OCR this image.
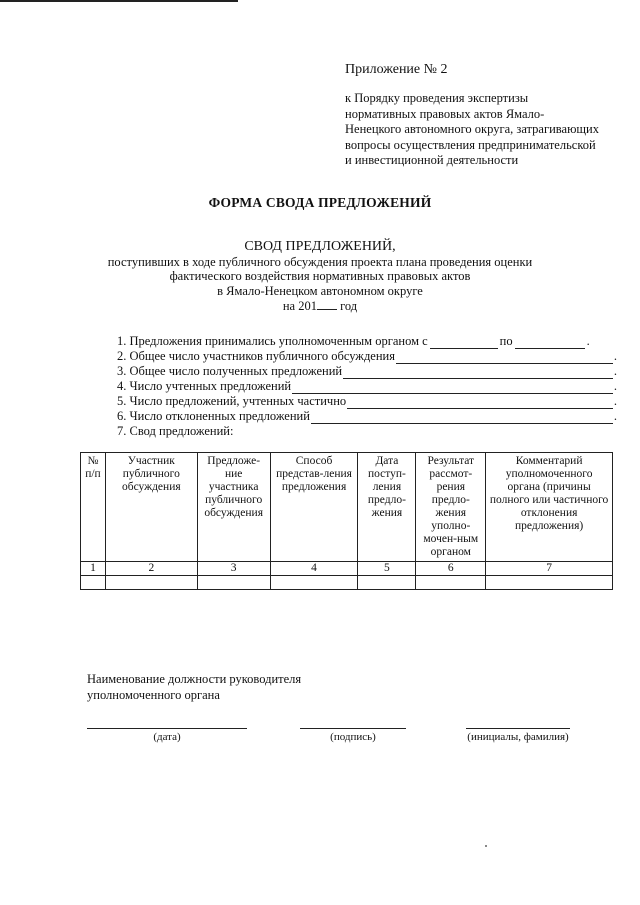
Приложение № 2
к Порядку проведения экспертизы
нормативных правовых актов Ямало-
Ненецкого автономного округа, затрагивающих
вопросы осуществления предпринимательской
и инвестиционной деятельности
ФОРМА СВОДА ПРЕДЛОЖЕНИЙ
СВОД ПРЕДЛОЖЕНИЙ,
поступивших в ходе публичного обсуждения проекта плана проведения оценки
фактического воздействия нормативных правовых актов
в Ямало-Ненецком автономном округе
на 201 год
1. Предложения принимались уполномоченным органом с	по	.
2. Общее число участников публичного обсуждения	.
3. Общее число полученных предложений	.
4. Число учтенных предложений	.
5. Число предложений, учтенных частично	.
6. Число отклоненных предложений	.
7. Свод предложений:
№ п/п	Участник публичного обсуждения	Предложе-ние участника публичного обсуждения	Способ представ-ления предложения	Дата поступ-ления предло-жения	Результат рассмот-рения предло-жения уполно-мочен-ным органом	Комментарий уполномоченного органа (причины полного или частичного отклонения предложения)
1	2	3	4	5	6	7

Наименование должности руководителя
уполномоченного органа
(дата)	(подпись)	(инициалы, фамилия)
